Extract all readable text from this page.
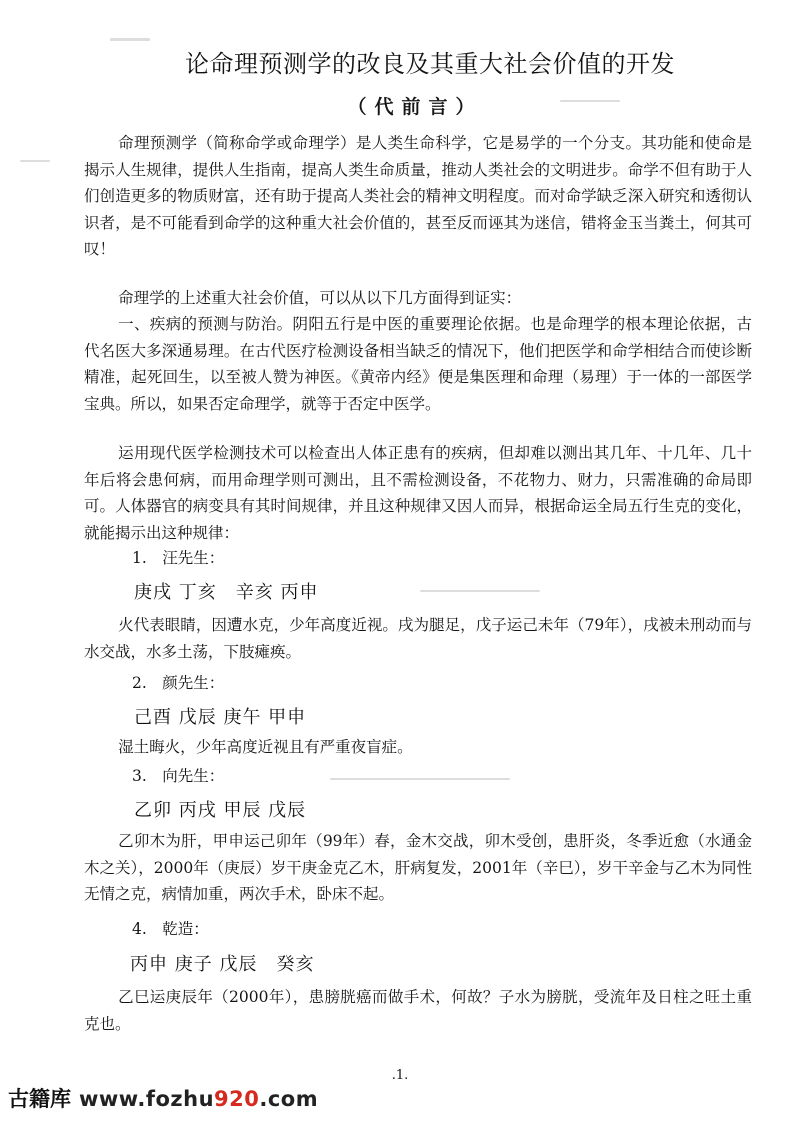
论命理预测学的改良及其重大社会价值的开发
（代前言）

命理预测学（简称命学或命理学）是人类生命科学，它是易学的一个分支。其功能和使命是揭示人生规律，提供人生指南，提高人类生命质量，推动人类社会的文明进步。命学不但有助于人们创造更多的物质财富，还有助于提高人类社会的精神文明程度。而对命学缺乏深入研究和透彻认识者，是不可能看到命学的这种重大社会价值的，甚至反而诬其为迷信，错将金玉当粪土，何其可叹！

命理学的上述重大社会价值，可以从以下几方面得到证实：

一、疾病的预测与防治。阴阳五行是中医的重要理论依据。也是命理学的根本理论依据，古代名医大多深通易理。在古代医疗检测设备相当缺乏的情况下，他们把医学和命学相结合而使诊断精准，起死回生，以至被人赞为神医。《黄帝内经》便是集医理和命理（易理）于一体的一部医学宝典。所以，如果否定命理学，就等于否定中医学。

运用现代医学检测技术可以检查出人体正患有的疾病，但却难以测出其几年、十几年、几十年后将会患何病，而用命理学则可测出，且不需检测设备，不花物力、财力，只需准确的命局即可。人体器官的病变具有其时间规律，并且这种规律又因人而异，根据命运全局五行生克的变化，就能揭示出这种规律：

1.　汪先生：
庚戌 丁亥　辛亥 丙申

火代表眼睛，因遭水克，少年高度近视。戌为腿足，戊子运己未年（79年），戌被未刑动而与水交战，水多土荡，下肢瘫痪。

2.　颜先生：
己酉 戊辰 庚午 甲申

湿土晦火，少年高度近视且有严重夜盲症。

3.　向先生：
乙卯 丙戌 甲辰 戊辰

乙卯木为肝，甲申运己卯年（99年）春，金木交战，卯木受创，患肝炎，冬季近愈（水通金木之关），2000年（庚辰）岁干庚金克乙木，肝病复发，2001年（辛巳），岁干辛金与乙木为同性无情之克，病情加重，两次手术，卧床不起。

4.　乾造：
丙申 庚子 戊辰　癸亥

乙巳运庚辰年（2000年），患膀胱癌而做手术，何故？子水为膀胱，受流年及日柱之旺土重克也。

.1.
古籍库 www.fozhu920.com
